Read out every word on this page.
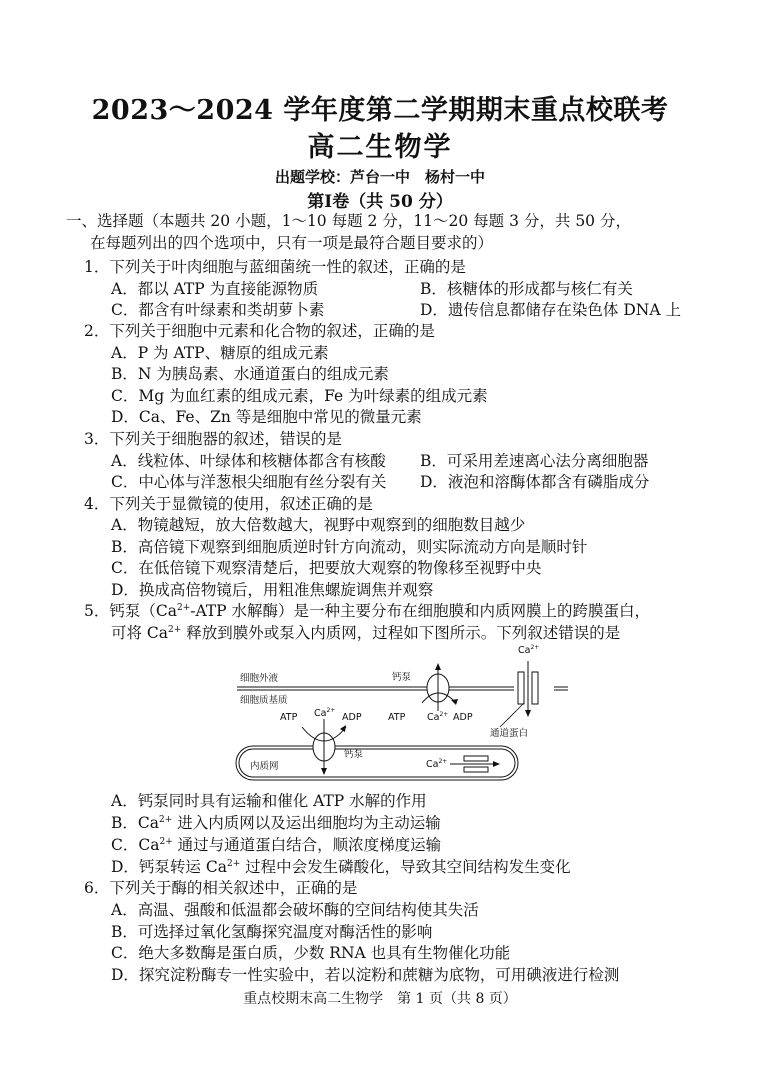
2023～2024 学年度第二学期期末重点校联考
高二生物学
出题学校：芦台一中　杨村一中
第Ⅰ卷（共 50 分）
一、选择题（本题共 20 小题，1～10 每题 2 分，11～20 每题 3 分，共 50 分，
在每题列出的四个选项中，只有一项是最符合题目要求的）
1．下列关于叶肉细胞与蓝细菌统一性的叙述，正确的是
A．都以 ATP 为直接能源物质	B．核糖体的形成都与核仁有关
C．都含有叶绿素和类胡萝卜素	D．遗传信息都储存在染色体 DNA 上
2．下列关于细胞中元素和化合物的叙述，正确的是
A．P 为 ATP、糖原的组成元素
B．N 为胰岛素、水通道蛋白的组成元素
C．Mg 为血红素的组成元素，Fe 为叶绿素的组成元素
D．Ca、Fe、Zn 等是细胞中常见的微量元素
3．下列关于细胞器的叙述，错误的是
A．线粒体、叶绿体和核糖体都含有核酸 B．可采用差速离心法分离细胞器
C．中心体与洋葱根尖细胞有丝分裂有关 D．液泡和溶酶体都含有磷脂成分
4．下列关于显微镜的使用，叙述正确的是
A．物镜越短，放大倍数越大，视野中观察到的细胞数目越少
B．高倍镜下观察到细胞质逆时针方向流动，则实际流动方向是顺时针
C．在低倍镜下观察清楚后，把要放大观察的物像移至视野中央
D．换成高倍物镜后，用粗准焦螺旋调焦并观察
5．钙泵（$Ca^{2+}$-ATP 水解酶）是一种主要分布在细胞膜和内质网膜上的跨膜蛋白，
可将 $Ca^{2+}$ 释放到膜外或泵入内质网，过程如下图所示。下列叙述错误的是
细胞外液
细胞质基质
钙泵
ATP $Ca^{2+}$ ADP
$Ca^{2+}$
通道蛋白
内质网
ATP $Ca^{2+}$
ADP
钙泵
$Ca^{2+}$
A．钙泵同时具有运输和催化 ATP 水解的作用
B．$Ca^{2+}$ 进入内质网以及运出细胞均为主动运输
C．$Ca^{2+}$ 通过与通道蛋白结合，顺浓度梯度运输
D．钙泵转运 $Ca^{2+}$ 过程中会发生磷酸化，导致其空间结构发生变化
6．下列关于酶的相关叙述中，正确的是
A．高温、强酸和低温都会破坏酶的空间结构使其失活
B．可选择过氧化氢酶探究温度对酶活性的影响
C．绝大多数酶是蛋白质，少数 RNA 也具有生物催化功能
D．探究淀粉酶专一性实验中，若以淀粉和蔗糖为底物，可用碘液进行检测
重点校期末高二生物学　第 1 页（共 8 页）
